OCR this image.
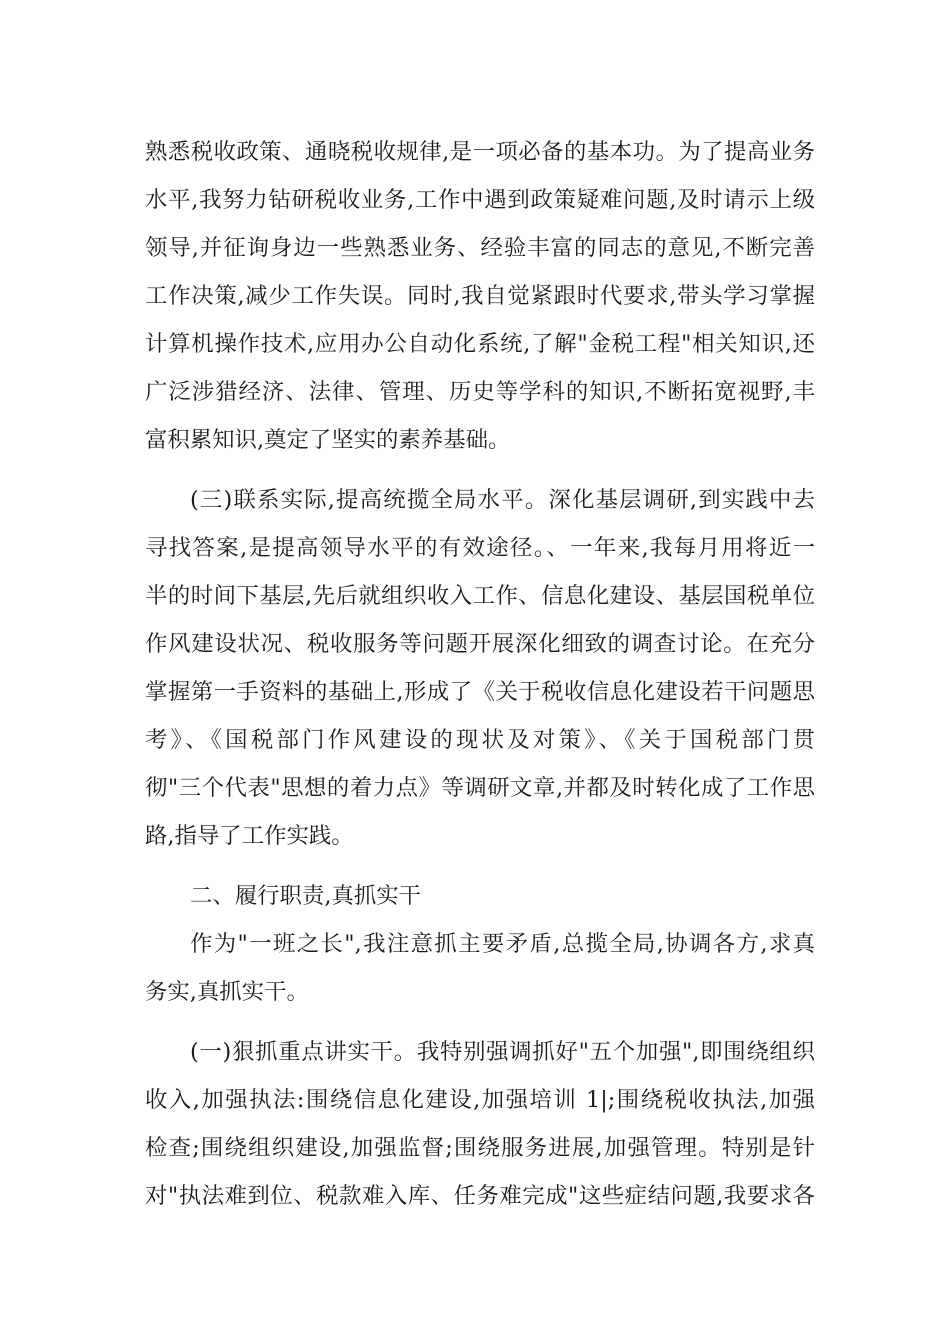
熟悉税收政策、通晓税收规律,是一项必备的基本功。为了提高业务
水平,我努力钻研税收业务,工作中遇到政策疑难问题,及时请示上级
领导,并征询身边一些熟悉业务、经验丰富的同志的意见,不断完善
工作决策,减少工作失误。同时,我自觉紧跟时代要求,带头学习掌握
计算机操作技术,应用办公自动化系统,了解"金税工程"相关知识,还
广泛涉猎经济、法律、管理、历史等学科的知识,不断拓宽视野,丰
富积累知识,奠定了坚实的素养基础。
(三)联系实际,提高统揽全局水平。深化基层调研,到实践中去
寻找答案,是提高领导水平的有效途径。、一年来,我每月用将近一
半的时间下基层,先后就组织收入工作、信息化建设、基层国税单位
作风建设状况、税收服务等问题开展深化细致的调查讨论。在充分
掌握第一手资料的基础上,形成了《关于税收信息化建设若干问题思
考》、《国税部门作风建设的现状及对策》、《关于国税部门贯
彻"三个代表"思想的着力点》等调研文章,并都及时转化成了工作思
路,指导了工作实践。
二、履行职责,真抓实干
作为"一班之长",我注意抓主要矛盾,总揽全局,协调各方,求真
务实,真抓实干。
(一)狠抓重点讲实干。我特别强调抓好"五个加强",即围绕组织
收入,加强执法:围绕信息化建设,加强培训 1|;围绕税收执法,加强
检查;围绕组织建设,加强监督;围绕服务进展,加强管理。特别是针
对"执法难到位、税款难入库、任务难完成"这些症结问题,我要求各
